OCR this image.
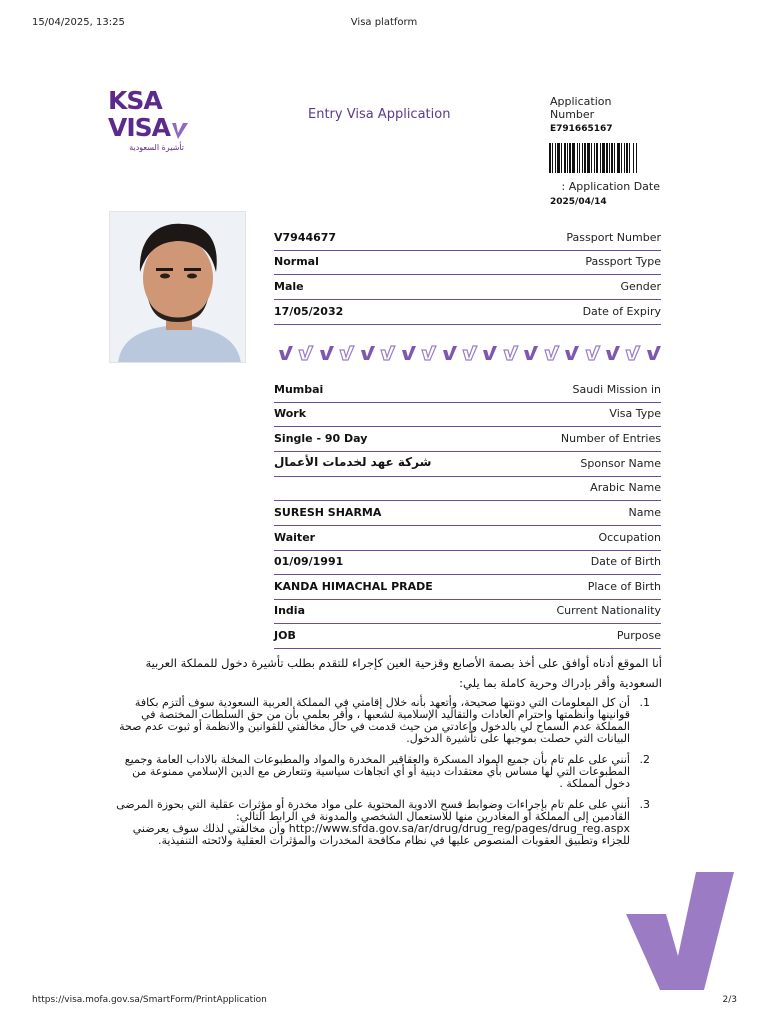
15/04/2025, 13:25	Visa platform
KSA
VISA
تأشيرة السعودية
Entry Visa Application
Application Number
E791665167
: Application Date
2025/04/14
V7944677	Passport Number
Normal	Passport Type
Male	Gender
17/05/2032	Date of Expiry
Mumbai	Saudi Mission in
Work	Visa Type
Single - 90 Day	Number of Entries
شركة عهد لخدمات الأعمال	Sponsor Name
Arabic Name
SURESH SHARMA	Name
Waiter	Occupation
01/09/1991	Date of Birth
KANDA HIMACHAL PRADE	Place of Birth
India	Current Nationality
JOB	Purpose
أنا الموقع أدناه أوافق على أخذ بصمة الأصابع وقزحية العين كإجراء للتقدم بطلب تأشيرة دخول للمملكة العربية السعودية وأقر بإدراك وحرية كاملة بما يلي:
1.
أن كل المعلومات التي دونتها صحيحة، وأتعهد بأنه خلال إقامتي في المملكة العربية السعودية سوف ألتزم بكافة قوانينها وأنظمتها واحترام العادات والتقاليد الإسلامية لشعبها ، وأقر بعلمي بأن من حق السلطات المختصة في المملكة عدم السماح لي بالدخول وإعادتي من حيث قدمت في حال مخالفتي للقوانين والانظمة أو ثبوت عدم صحة البيانات التي حصلت بموجبها على تأشيرة الدخول.
2.
أنني على علم تام بأن جميع المواد المسكرة والعقاقير المخدرة والمواد والمطبوعات المخلة بالاداب العامة وجميع المطبوعات التي لها مساس بأي معتقدات دينية أو أي اتجاهات سياسية وتتعارض مع الدين الإسلامي ممنوعة من دخول المملكة .
3.
أنني على علم تام بإجراءات وضوابط فسح الادوية المحتوية على مواد مخدرة أو مؤثرات عقلية التي بحوزة المرضى القادمين إلى المملكة أو المغادرين منها للاستعمال الشخصي والمدونة في الرابط التالي: http://www.sfda.gov.sa/ar/drug/drug_reg/pages/drug_reg.aspx وأن مخالفتي لذلك سوف يعرضني للجزاء وتطبيق العقوبات المنصوص عليها في نظام مكافحة المخدرات والمؤثرات العقلية ولائحته التنفيذية.
https://visa.mofa.gov.sa/SmartForm/PrintApplication	2/3
